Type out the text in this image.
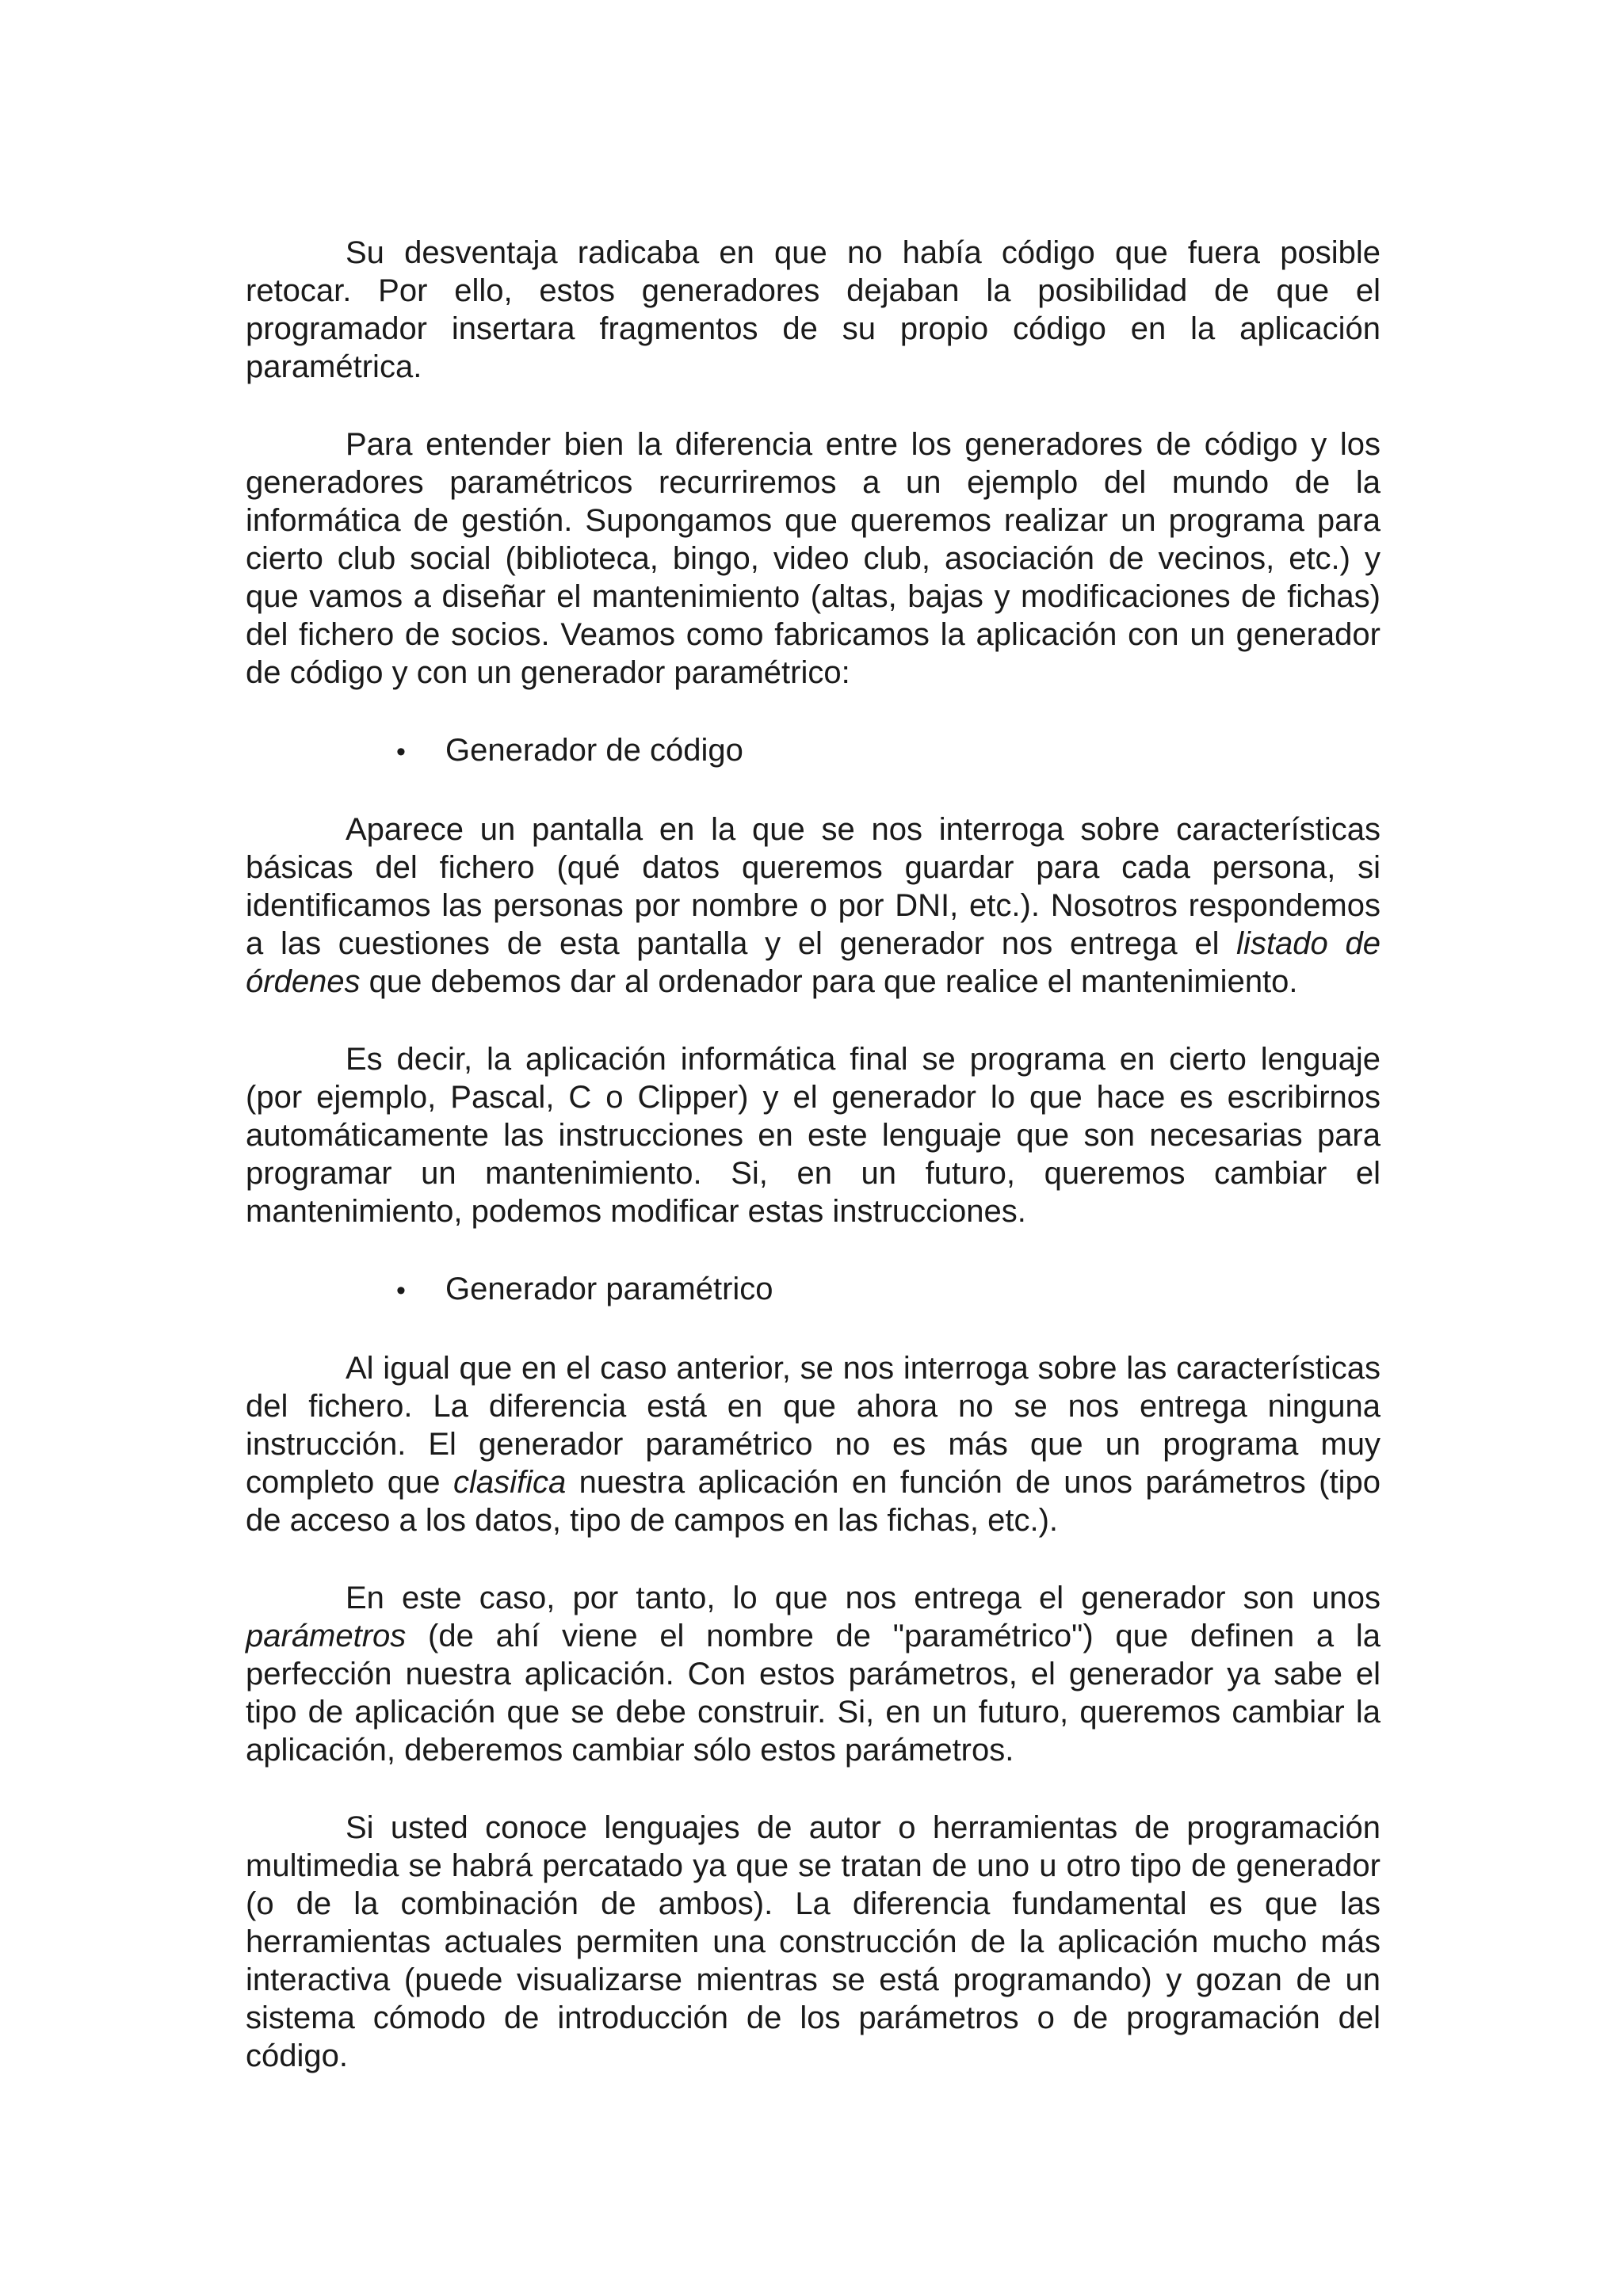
Su desventaja radicaba en que no había código que fuera posible retocar. Por ello, estos generadores dejaban la posibilidad de que el programador insertara fragmentos de su propio código en la aplicación paramétrica.

Para entender bien la diferencia entre los generadores de código y los generadores paramétricos recurriremos a un ejemplo del mundo de la informática de gestión. Supongamos que queremos realizar un programa para cierto club social (biblioteca, bingo, video club, asociación de vecinos, etc.) y que vamos a diseñar el mantenimiento (altas, bajas y modificaciones de fichas) del fichero de socios. Veamos como fabricamos la aplicación con un generador de código y con un generador paramétrico:

•	Generador de código

Aparece un pantalla en la que se nos interroga sobre características básicas del fichero (qué datos queremos guardar para cada persona, si identificamos las personas por nombre o por DNI, etc.). Nosotros respondemos a las cuestiones de esta pantalla y el generador nos entrega el listado de órdenes que debemos dar al ordenador para que realice el mantenimiento.

Es decir, la aplicación informática final se programa en cierto lenguaje (por ejemplo, Pascal, C o Clipper) y el generador lo que hace es escribirnos automáticamente las instrucciones en este lenguaje que son necesarias para programar un mantenimiento. Si, en un futuro, queremos cambiar el mantenimiento, podemos modificar estas instrucciones.

•	Generador paramétrico

Al igual que en el caso anterior, se nos interroga sobre las características del fichero. La diferencia está en que ahora no se nos entrega ninguna instrucción. El generador paramétrico no es más que un programa muy completo que clasifica nuestra aplicación en función de unos parámetros (tipo de acceso a los datos, tipo de campos en las fichas, etc.).

En este caso, por tanto, lo que nos entrega el generador son unos parámetros (de ahí viene el nombre de "paramétrico") que definen a la perfección nuestra aplicación. Con estos parámetros, el generador ya sabe el tipo de aplicación que se debe construir. Si, en un futuro, queremos cambiar la aplicación, deberemos cambiar sólo estos parámetros.

Si usted conoce lenguajes de autor o herramientas de programación multimedia se habrá percatado ya que se tratan de uno u otro tipo de generador (o de la combinación de ambos). La diferencia fundamental es que las herramientas actuales permiten una construcción de la aplicación mucho más interactiva (puede visualizarse mientras se está programando) y gozan de un sistema cómodo de introducción de los parámetros o de programación del código.
